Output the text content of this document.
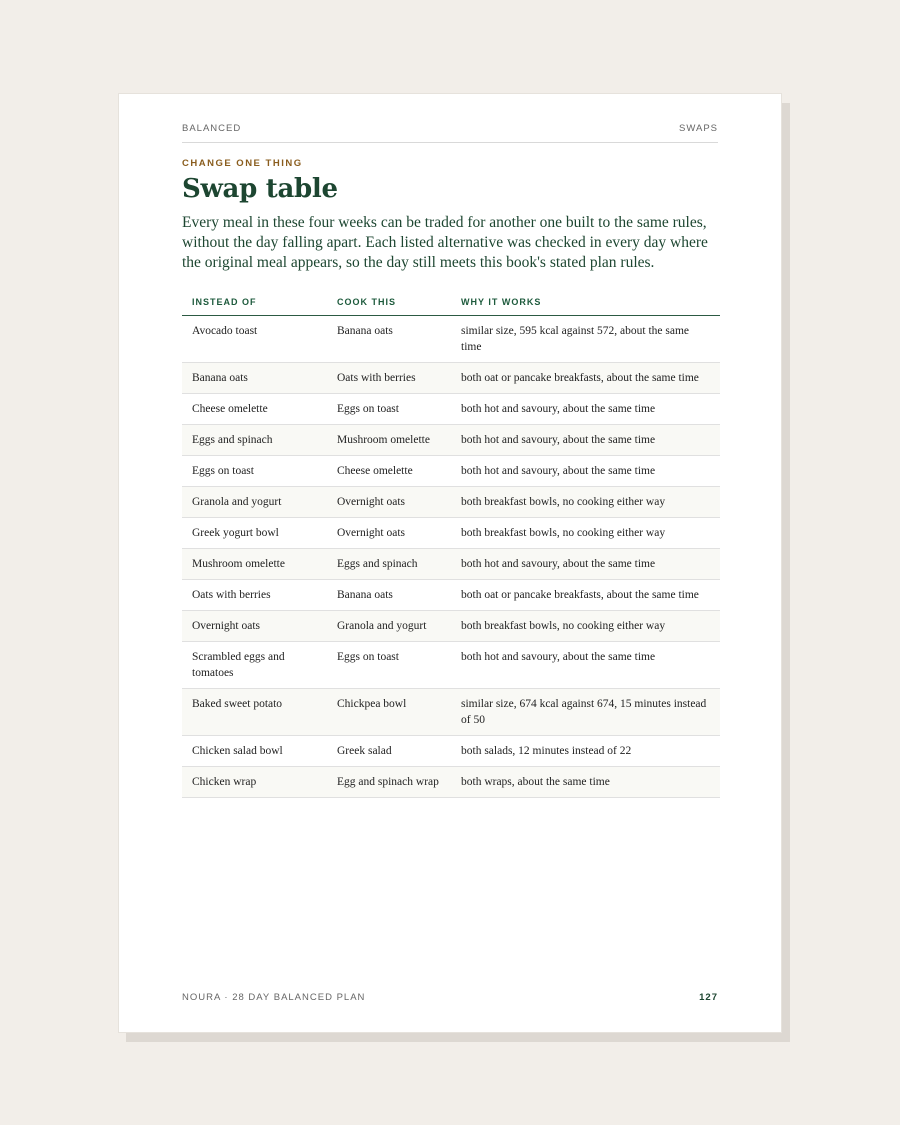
BALANCED	SWAPS
CHANGE ONE THING
Swap table

Every meal in these four weeks can be traded for another one built to the same rules, without the day falling apart. Each listed alternative was checked in every day where the original meal appears, so the day still meets this book's stated plan rules.

INSTEAD OF	COOK THIS	WHY IT WORKS
Avocado toast	Banana oats	similar size, 595 kcal against 572, about the same time
Banana oats	Oats with berries	both oat or pancake breakfasts, about the same time
Cheese omelette	Eggs on toast	both hot and savoury, about the same time
Eggs and spinach	Mushroom omelette	both hot and savoury, about the same time
Eggs on toast	Cheese omelette	both hot and savoury, about the same time
Granola and yogurt	Overnight oats	both breakfast bowls, no cooking either way
Greek yogurt bowl	Overnight oats	both breakfast bowls, no cooking either way
Mushroom omelette	Eggs and spinach	both hot and savoury, about the same time
Oats with berries	Banana oats	both oat or pancake breakfasts, about the same time
Overnight oats	Granola and yogurt	both breakfast bowls, no cooking either way
Scrambled eggs and tomatoes	Eggs on toast	both hot and savoury, about the same time
Baked sweet potato	Chickpea bowl	similar size, 674 kcal against 674, 15 minutes instead of 50
Chicken salad bowl	Greek salad	both salads, 12 minutes instead of 22
Chicken wrap	Egg and spinach wrap	both wraps, about the same time
NOURA · 28 DAY BALANCED PLAN	127
